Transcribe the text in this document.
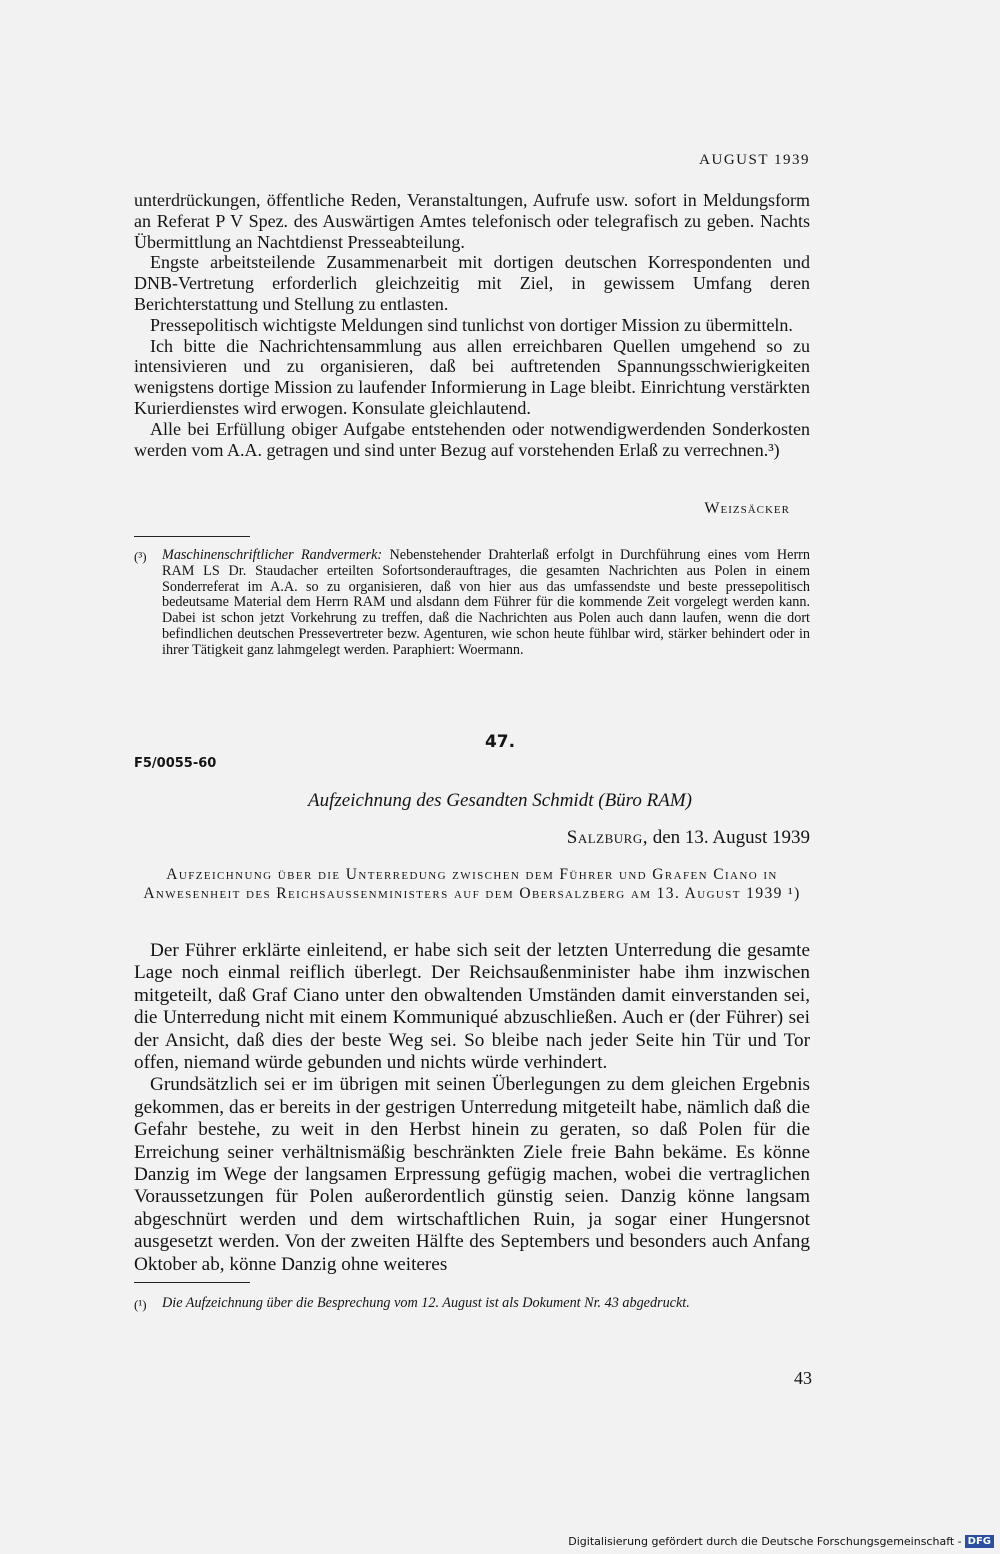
AUGUST 1939

unterdrückungen, öffentliche Reden, Veranstaltungen, Aufrufe usw. sofort in Meldungsform an Referat P V Spez. des Auswärtigen Amtes telefonisch oder telegrafisch zu geben. Nachts Übermittlung an Nachtdienst Presseabteilung.

Engste arbeitsteilende Zusammenarbeit mit dortigen deutschen Korrespondenten und DNB-Vertretung erforderlich gleichzeitig mit Ziel, in gewissem Umfang deren Berichterstattung und Stellung zu entlasten.

Pressepolitisch wichtigste Meldungen sind tunlichst von dortiger Mission zu übermitteln.

Ich bitte die Nachrichtensammlung aus allen erreichbaren Quellen umgehend so zu intensivieren und zu organisieren, daß bei auftretenden Spannungsschwierigkeiten wenigstens dortige Mission zu laufender Informierung in Lage bleibt. Einrichtung verstärkten Kurierdienstes wird erwogen. Konsulate gleichlautend.

Alle bei Erfüllung obiger Aufgabe entstehenden oder notwendigwerdenden Sonderkosten werden vom A.A. getragen und sind unter Bezug auf vorstehenden Erlaß zu verrechnen.³)

Weizsäcker
(³) Maschinenschriftlicher Randvermerk: Nebenstehender Drahterlaß erfolgt in Durchführung eines vom Herrn RAM LS Dr. Staudacher erteilten Sofortsonderauftrages, die gesamten Nachrichten aus Polen in einem Sonderreferat im A.A. so zu organisieren, daß von hier aus das umfassendste und beste pressepolitisch bedeutsame Material dem Herrn RAM und alsdann dem Führer für die kommende Zeit vorgelegt werden kann. Dabei ist schon jetzt Vorkehrung zu treffen, daß die Nachrichten aus Polen auch dann laufen, wenn die dort befindlichen deutschen Pressevertreter bezw. Agenturen, wie schon heute fühlbar wird, stärker behindert oder in ihrer Tätigkeit ganz lahmgelegt werden. Paraphiert: Woermann.
47.
F5/0055-60
Aufzeichnung des Gesandten Schmidt (Büro RAM)
Salzburg, den 13. August 1939
Aufzeichnung über die Unterredung zwischen dem Führer und Grafen Ciano in Anwesenheit des Reichsaussenministers auf dem Obersalzberg am 13. August 1939 ¹)

Der Führer erklärte einleitend, er habe sich seit der letzten Unterredung die gesamte Lage noch einmal reiflich überlegt. Der Reichsaußenminister habe ihm inzwischen mitgeteilt, daß Graf Ciano unter den obwaltenden Umständen damit einverstanden sei, die Unterredung nicht mit einem Kommuniqué abzuschließen. Auch er (der Führer) sei der Ansicht, daß dies der beste Weg sei. So bleibe nach jeder Seite hin Tür und Tor offen, niemand würde gebunden und nichts würde verhindert.

Grundsätzlich sei er im übrigen mit seinen Überlegungen zu dem gleichen Ergebnis gekommen, das er bereits in der gestrigen Unterredung mitgeteilt habe, nämlich daß die Gefahr bestehe, zu weit in den Herbst hinein zu geraten, so daß Polen für die Erreichung seiner verhältnismäßig beschränkten Ziele freie Bahn bekäme. Es könne Danzig im Wege der langsamen Erpressung gefügig machen, wobei die vertraglichen Voraussetzungen für Polen außerordentlich günstig seien. Danzig könne langsam abgeschnürt werden und dem wirtschaftlichen Ruin, ja sogar einer Hungersnot ausgesetzt werden. Von der zweiten Hälfte des Septembers und besonders auch Anfang Oktober ab, könne Danzig ohne weiteres

(¹) Die Aufzeichnung über die Besprechung vom 12. August ist als Dokument Nr. 43 abgedruckt.
43
Digitalisierung gefördert durch die Deutsche Forschungsgemeinschaft - DFG
